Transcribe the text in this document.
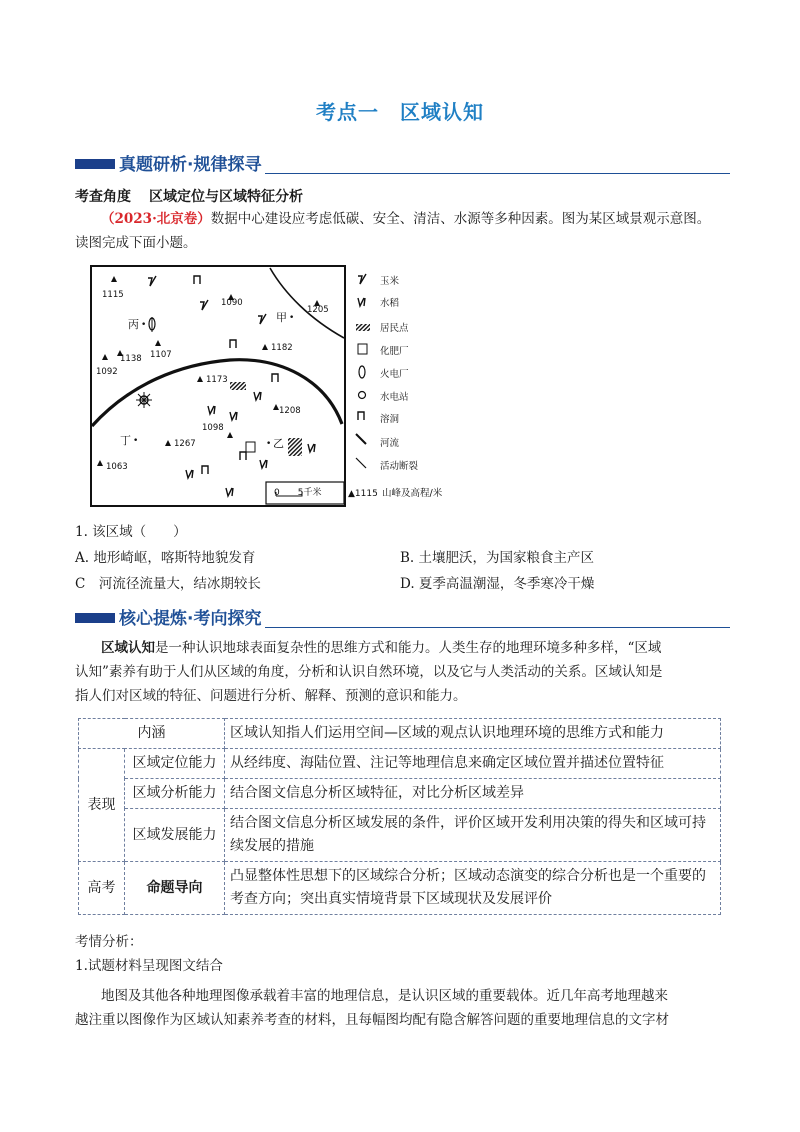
考点一　区域认知
真题研析·规律探寻
考查角度 区域定位与区域特征分析
（2023·北京卷）数据中心建设应考虑低碳、安全、清洁、水源等多种因素。图为某区域景观示意图。
读图完成下面小题。
1115
1090
1205
1138 1107
1092
1182
1173
1208
1098
1267
1063
丙 •
甲 •
丁 •	乙
•
0　　5千米
玉米
水稻
居民点
化肥厂
火电厂
水电站
溶洞
河流
活动断裂
▲1115 山峰及高程/米
1. 该区域（　　）
A. 地形崎岖，喀斯特地貌发育	B. 土壤肥沃，为国家粮食主产区
C　河流径流量大，结冰期较长	D. 夏季高温潮湿，冬季寒冷干燥
核心提炼·考向探究
区域认知是一种认识地球表面复杂性的思维方式和能力。人类生存的地理环境多种多样，“区域
认知”素养有助于人们从区域的角度，分析和认识自然环境，以及它与人类活动的关系。区域认知是
指人们对区域的特征、问题进行分析、解释、预测的意识和能力。
内涵		区域认知指人们运用空间—区域的观点认识地理环境的思维方式和能力
表现	区域定位能力	从经纬度、海陆位置、注记等地理信息来确定区域位置并描述位置特征
	区域分析能力	结合图文信息分析区域特征，对比分析区域差异
	区域发展能力	结合图文信息分析区域发展的条件，评价区域开发利用决策的得失和区域可持续发展的措施
高考	命题导向	凸显整体性思想下的区域综合分析；区域动态演变的综合分析也是一个重要的考查方向；突出真实情境背景下区域现状及发展评价
考情分析：
1.试题材料呈现图文结合
地图及其他各种地理图像承载着丰富的地理信息，是认识区域的重要载体。近几年高考地理越来
越注重以图像作为区域认知素养考查的材料，且每幅图均配有隐含解答问题的重要地理信息的文字材
